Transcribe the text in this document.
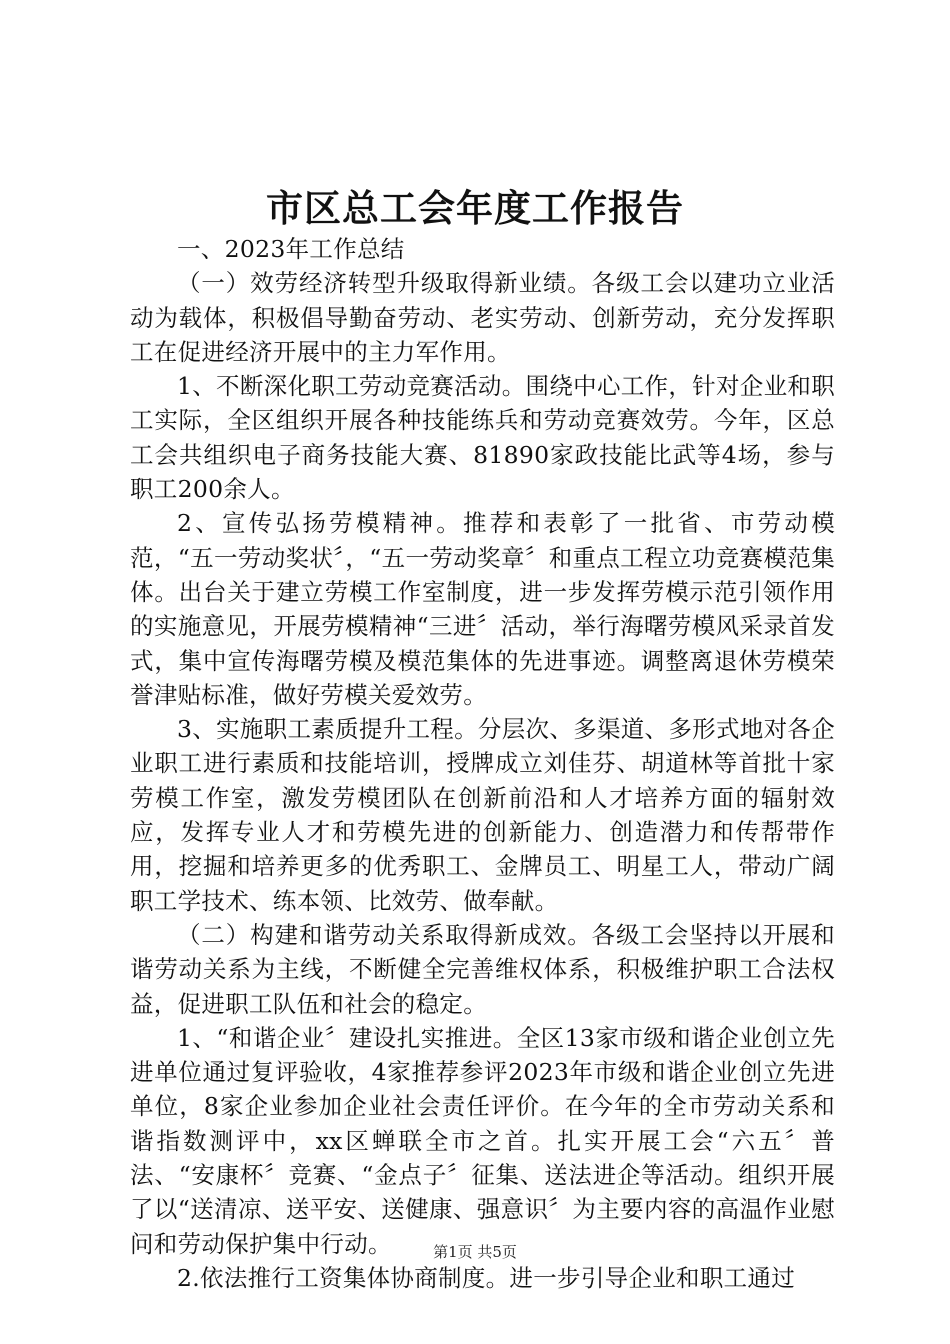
市区总工会年度工作报告

一、2023年工作总结

（一）效劳经济转型升级取得新业绩。各级工会以建功立业活动为载体，积极倡导勤奋劳动、老实劳动、创新劳动，充分发挥职工在促进经济开展中的主力军作用。

1、不断深化职工劳动竞赛活动。围绕中心工作，针对企业和职工实际，全区组织开展各种技能练兵和劳动竞赛效劳。今年，区总工会共组织电子商务技能大赛、81890家政技能比武等4场，参与职工200余人。

2、宣传弘扬劳模精神。推荐和表彰了一批省、市劳动模范，“五一劳动奖状〞，“五一劳动奖章〞和重点工程立功竞赛模范集体。出台关于建立劳模工作室制度，进一步发挥劳模示范引领作用的实施意见，开展劳模精神“三进〞活动，举行海曙劳模风采录首发式，集中宣传海曙劳模及模范集体的先进事迹。调整离退休劳模荣誉津贴标准，做好劳模关爱效劳。

3、实施职工素质提升工程。分层次、多渠道、多形式地对各企业职工进行素质和技能培训，授牌成立刘佳芬、胡道林等首批十家劳模工作室，激发劳模团队在创新前沿和人才培养方面的辐射效应，发挥专业人才和劳模先进的创新能力、创造潜力和传帮带作用，挖掘和培养更多的优秀职工、金牌员工、明星工人，带动广阔职工学技术、练本领、比效劳、做奉献。

（二）构建和谐劳动关系取得新成效。各级工会坚持以开展和谐劳动关系为主线，不断健全完善维权体系，积极维护职工合法权益，促进职工队伍和社会的稳定。

1、“和谐企业〞建设扎实推进。全区13家市级和谐企业创立先进单位通过复评验收，4家推荐参评2023年市级和谐企业创立先进单位，8家企业参加企业社会责任评价。在今年的全市劳动关系和谐指数测评中，xx区蝉联全市之首。扎实开展工会“六五〞普法、“安康杯〞竞赛、“金点子〞征集、送法进企等活动。组织开展了以“送清凉、送平安、送健康、强意识〞为主要内容的高温作业慰问和劳动保护集中行动。

2.依法推行工资集体协商制度。进一步引导企业和职工通过

第1页 共5页
